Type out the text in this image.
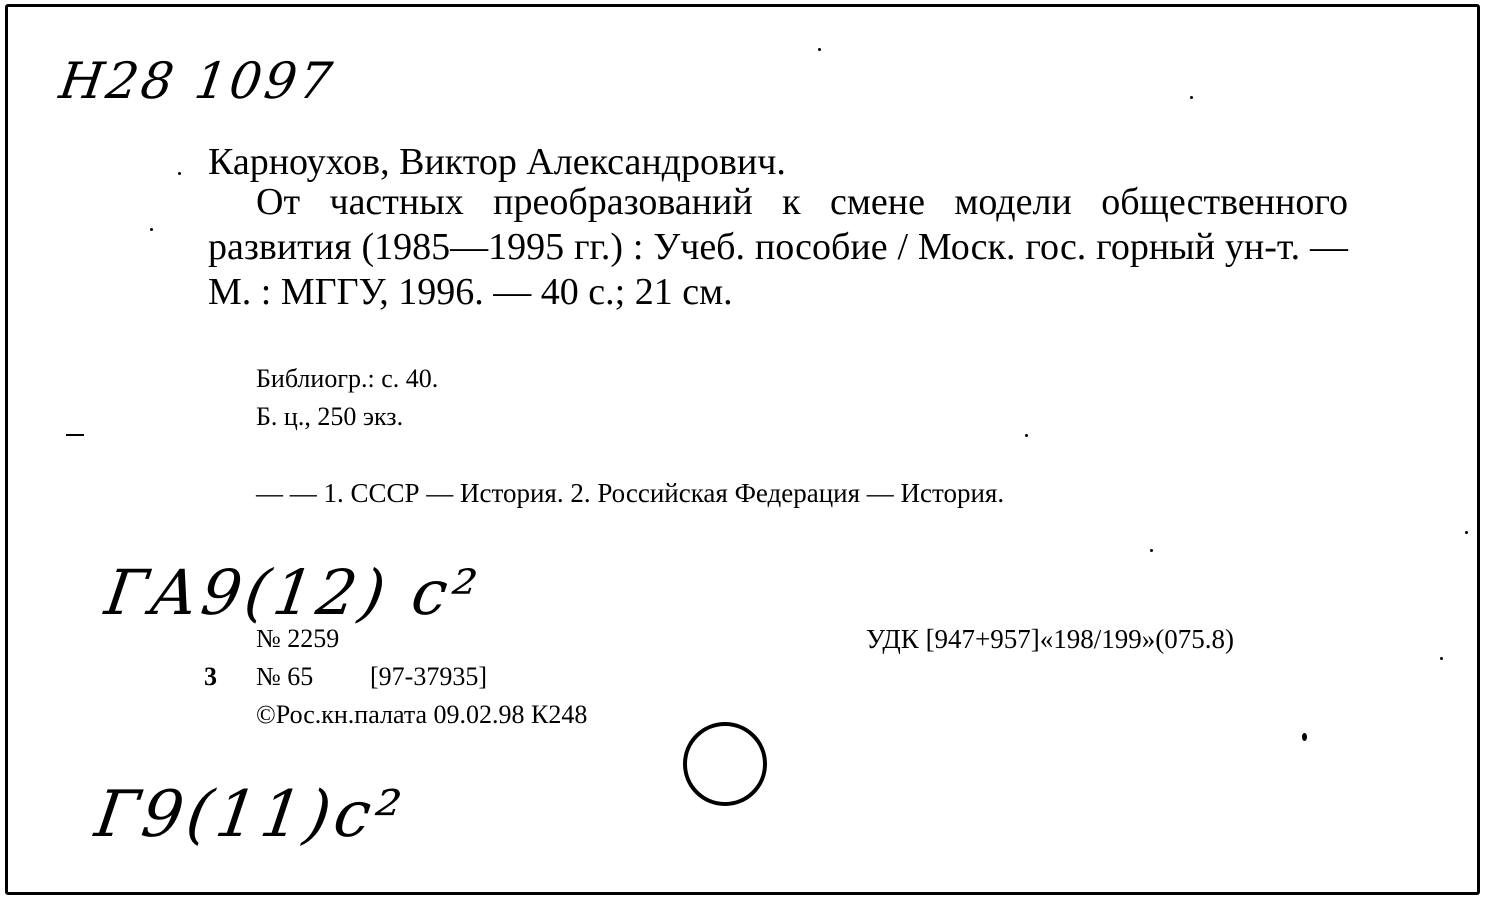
Н28 1097
ГА9(12) с²
Г9(11)с²
Карноухов, Виктор Александрович.
От частных преобразований к смене модели общественного развития (1985—1995 гг.) : Учеб. пособие / Моск. гос. горный ун-т. — М. : МГГУ, 1996. — 40 с.; 21 см.
Библиогр.: с. 40.
Б. ц., 250 экз.
— — 1. СССР — История. 2. Российская Федерация — История.
№ 2259	УДК [947+957]«198/199»(075.8)
3 № 65 [97-37935]
©Рос.кн.палата 09.02.98 К248
